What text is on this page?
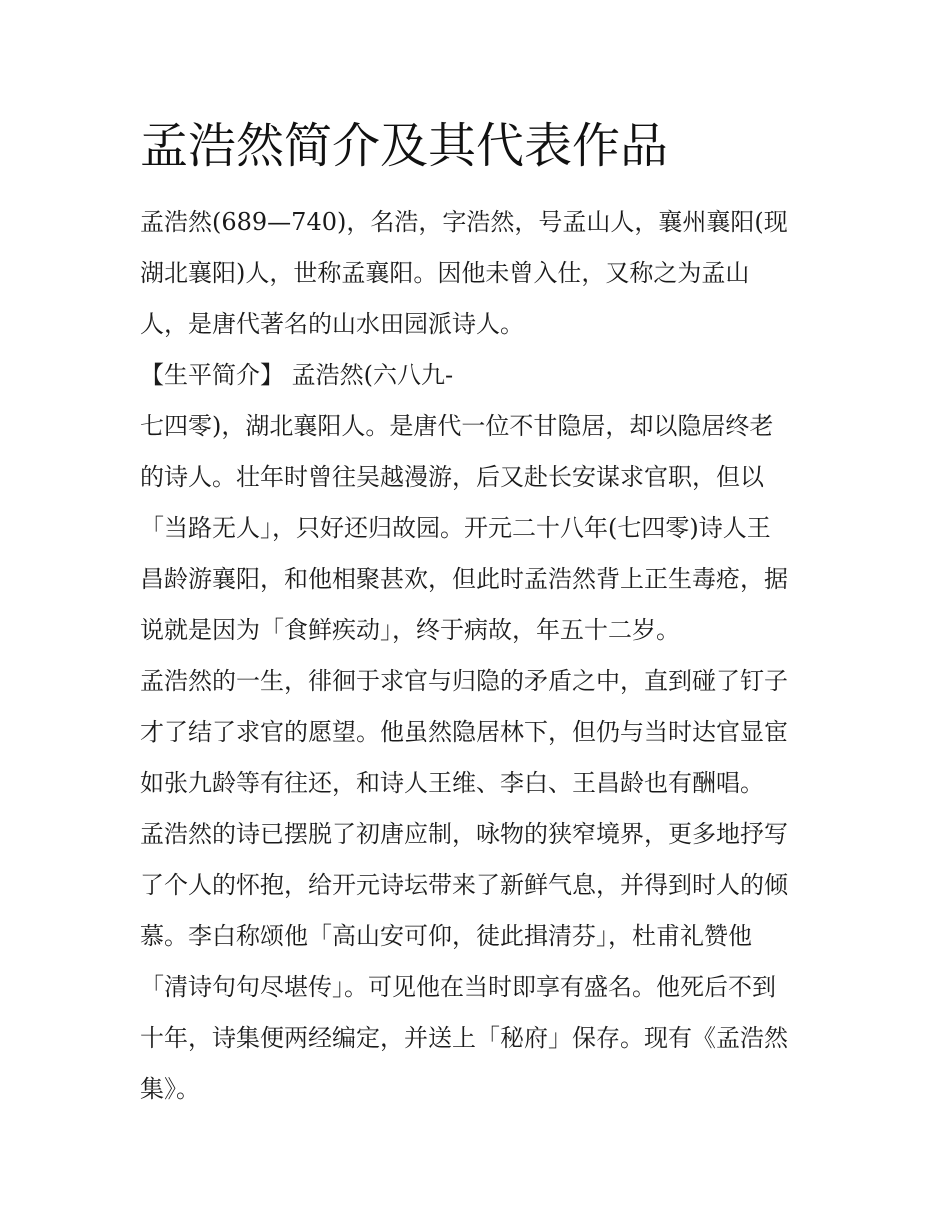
孟浩然简介及其代表作品

孟浩然(689—740)，名浩，字浩然，号孟山人，襄州襄阳(现

湖北襄阳)人，世称孟襄阳。因他未曾入仕，又称之为孟山

人，是唐代著名的山水田园派诗人。

【生平简介】 孟浩然(六八九-

七四零)，湖北襄阳人。是唐代一位不甘隐居，却以隐居终老

的诗人。壮年时曾往吴越漫游，后又赴长安谋求官职，但以

「当路无人」，只好还归故园。开元二十八年(七四零)诗人王

昌龄游襄阳，和他相聚甚欢，但此时孟浩然背上正生毒疮，据

说就是因为「食鲜疾动」，终于病故，年五十二岁。

孟浩然的一生，徘徊于求官与归隐的矛盾之中，直到碰了钉子

才了结了求官的愿望。他虽然隐居林下，但仍与当时达官显宦

如张九龄等有往还，和诗人王维、李白、王昌龄也有酬唱。

孟浩然的诗已摆脱了初唐应制，咏物的狭窄境界，更多地抒写

了个人的怀抱，给开元诗坛带来了新鲜气息，并得到时人的倾

慕。李白称颂他「高山安可仰，徒此揖清芬」，杜甫礼赞他

「清诗句句尽堪传」。可见他在当时即享有盛名。他死后不到

十年，诗集便两经编定，并送上「秘府」保存。现有《孟浩然

集》。
